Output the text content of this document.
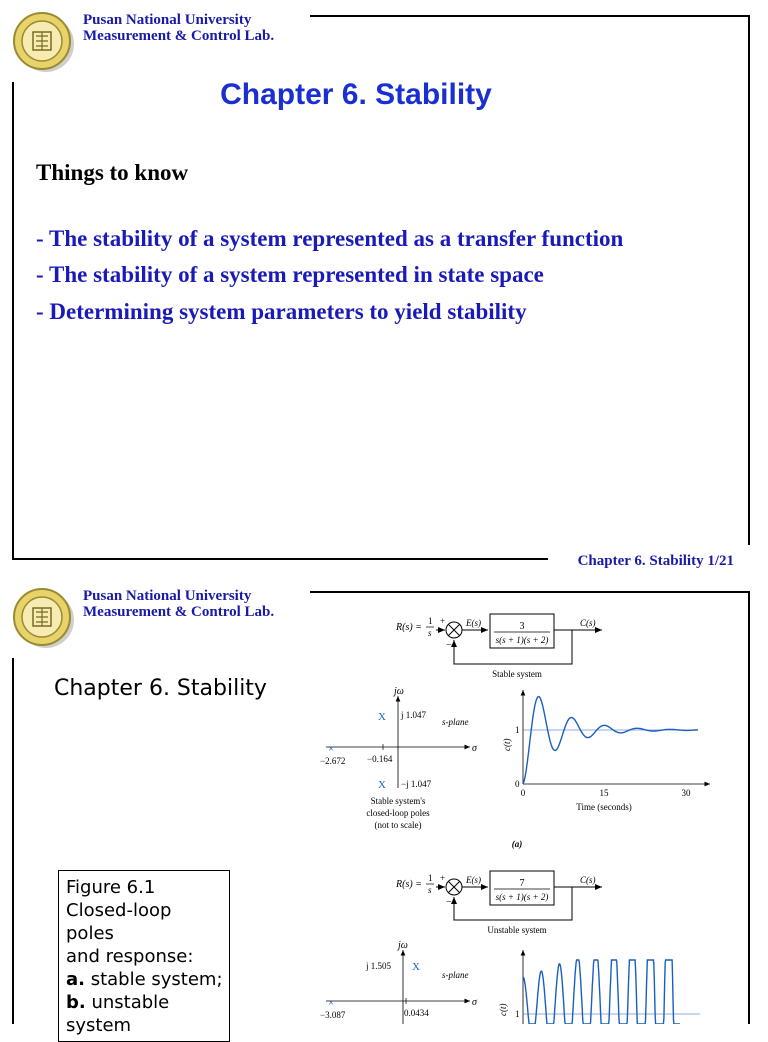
Pusan National University
Measurement & Control Lab.
Chapter 6. Stability
Things to know
- The stability of a system represented as a transfer function
- The stability of a system represented in state space
- Determining system parameters to yield stability
Chapter 6. Stability 1/21
Pusan National University
Measurement & Control Lab.
Chapter 6. Stability
R(s) =
1
s
+
−
E(s)	3
s(s + 1)(s + 2)
C(s)
Stable system
jω
s-plane
σ
X j 1.047
X −j 1.047
×
−2.672 −0.164
Stable system's
closed-loop poles
(not to scale)
c(t)
1
0
0	15	30
Time (seconds)
(a)
R(s) =
1
s
+
−
E(s)	7
s(s + 1)(s + 2)
C(s)
Unstable system
jω
s-plane
σ
j 1.505 X
×
−3.087	0.0434	c(t) 1
Figure 6.1
Closed-loop
poles
and response:
a. stable system;
b. unstable
system
